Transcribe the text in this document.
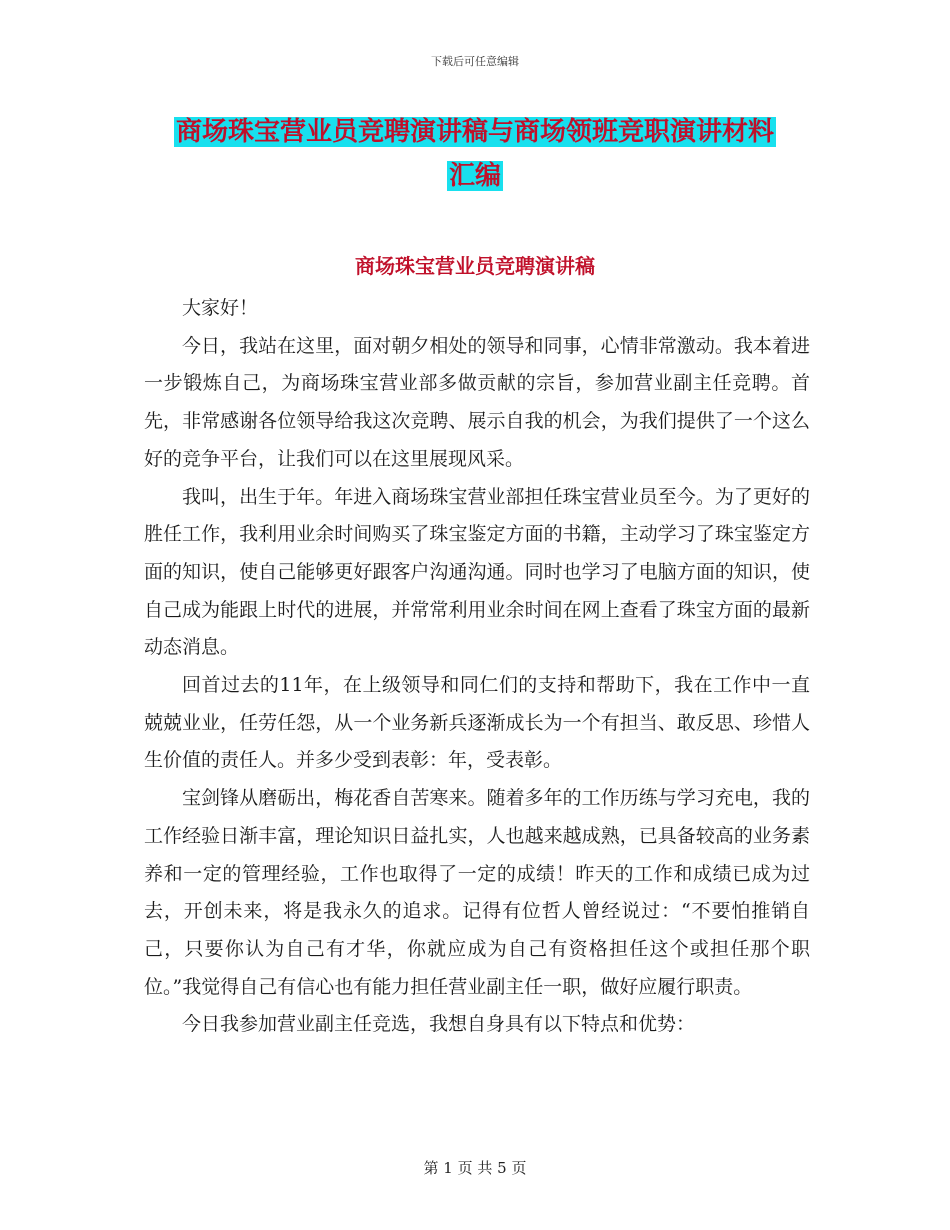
下载后可任意编辑
商场珠宝营业员竞聘演讲稿与商场领班竞职演讲材料
汇编
商场珠宝营业员竞聘演讲稿

大家好！

今日，我站在这里，面对朝夕相处的领导和同事，心情非常激动。我本着进一步锻炼自己，为商场珠宝营业部多做贡献的宗旨，参加营业副主任竞聘。首先，非常感谢各位领导给我这次竞聘、展示自我的机会，为我们提供了一个这么好的竞争平台，让我们可以在这里展现风采。

我叫，出生于年。年进入商场珠宝营业部担任珠宝营业员至今。为了更好的胜任工作，我利用业余时间购买了珠宝鉴定方面的书籍，主动学习了珠宝鉴定方面的知识，使自己能够更好跟客户沟通沟通。同时也学习了电脑方面的知识，使自己成为能跟上时代的进展，并常常利用业余时间在网上查看了珠宝方面的最新动态消息。

回首过去的11年，在上级领导和同仁们的支持和帮助下，我在工作中一直兢兢业业，任劳任怨，从一个业务新兵逐渐成长为一个有担当、敢反思、珍惜人生价值的责任人。并多少受到表彰：年，受表彰。

宝剑锋从磨砺出，梅花香自苦寒来。随着多年的工作历练与学习充电，我的工作经验日渐丰富，理论知识日益扎实，人也越来越成熟，已具备较高的业务素养和一定的管理经验，工作也取得了一定的成绩！昨天的工作和成绩已成为过去，开创未来，将是我永久的追求。记得有位哲人曾经说过：“不要怕推销自己，只要你认为自己有才华，你就应成为自己有资格担任这个或担任那个职位。”我觉得自己有信心也有能力担任营业副主任一职，做好应履行职责。

今日我参加营业副主任竞选，我想自身具有以下特点和优势：

第 1 页 共 5 页
